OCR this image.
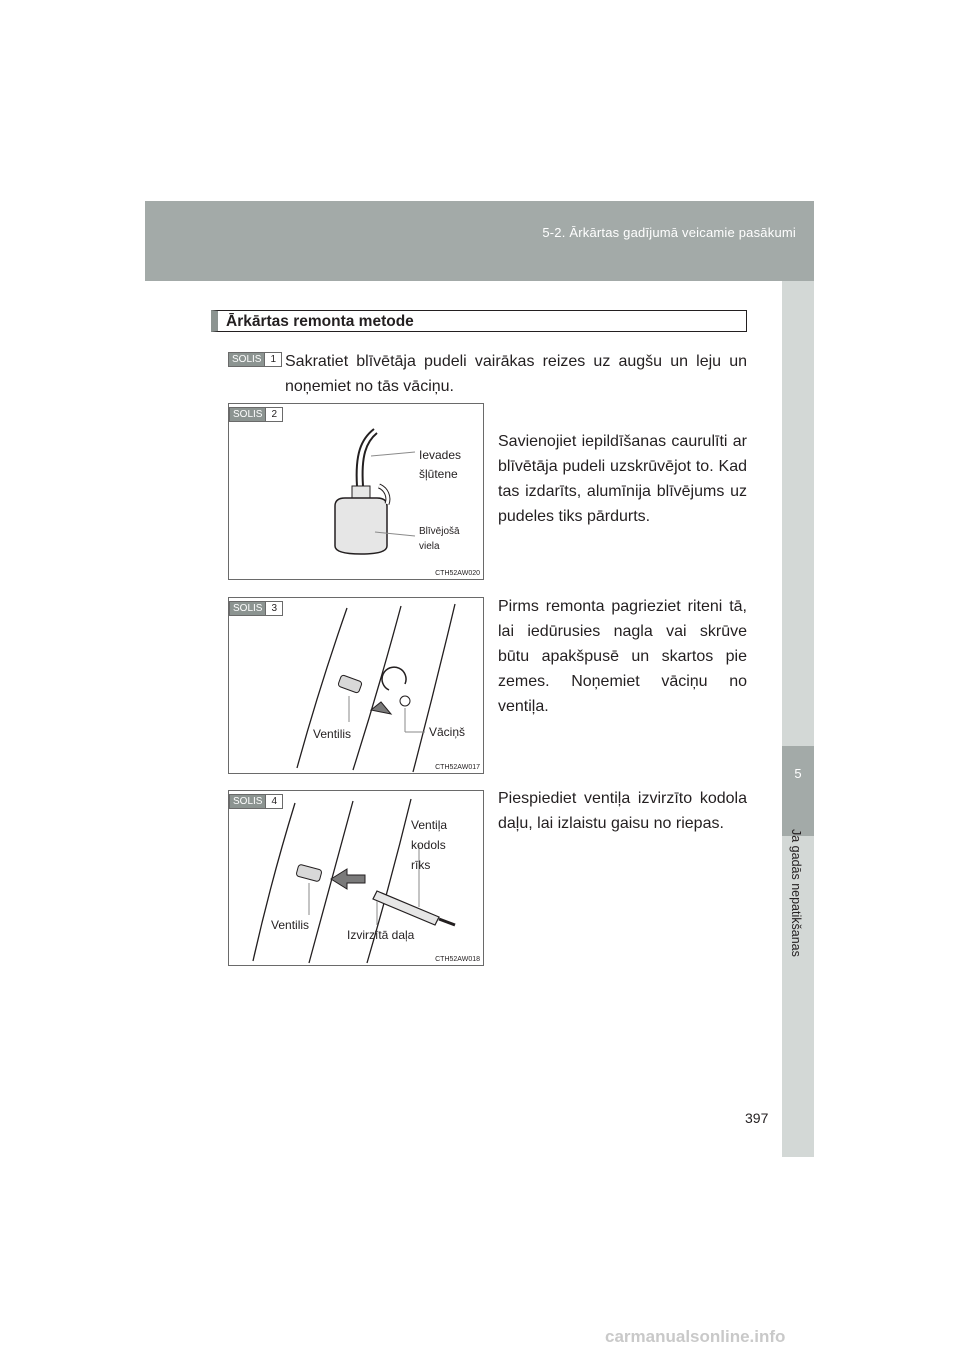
5-2. Ārkārtas gadījumā veicamie pasākumi
5
Ja gadās nepatikšanas
Ārkārtas remonta metode
SOLIS 1 Sakratiet blīvētāja pudeli vairākas reizes uz augšu un leju un noņemiet no tās vāciņu.
SOLIS 2
Ievades šļūtene
Blīvējošā viela
CTH52AW020
Savienojiet iepildīšanas caurulīti ar blīvētāja pudeli uzskrūvējot to. Kad tas izdarīts, alumīnija blīvējums uz pudeles tiks pārdurts.
SOLIS 3
Ventilis	Vāciņš
CTH52AW017
Pirms remonta pagrieziet riteni tā, lai iedūrusies nagla vai skrūve būtu apakšpusē un skartos pie zemes. Noņemiet vāciņu no ventiļa.
SOLIS 4
Ventiļa kodols rīks
Ventilis
Izvirzītā daļa
CTH52AW018
Piespiediet ventiļa izvirzīto kodola daļu, lai izlaistu gaisu no riepas.
397
carmanualsonline.info
